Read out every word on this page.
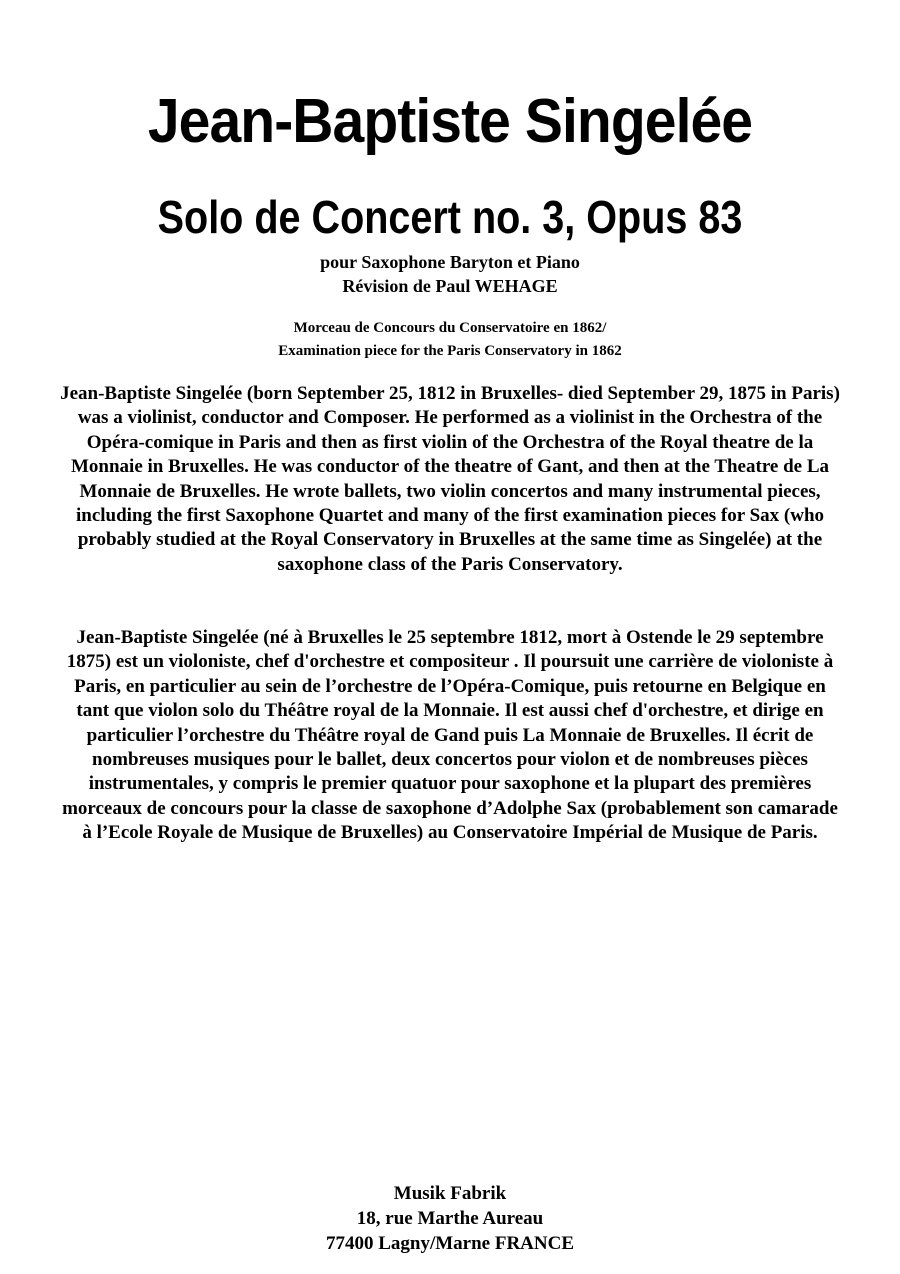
Jean-Baptiste Singelée
Solo de Concert no. 3, Opus 83
pour Saxophone Baryton et Piano
Révision de Paul WEHAGE
Morceau de Concours du Conservatoire en 1862/
Examination piece for the Paris Conservatory in 1862

Jean-Baptiste Singelée (born September 25, 1812 in Bruxelles- died September 29, 1875 in Paris) was a violinist, conductor and Composer. He performed as a violinist in the Orchestra of the Opéra-comique in Paris and then as first violin of the Orchestra of the Royal theatre de la Monnaie in Bruxelles. He was conductor of the theatre of Gant, and then at the Theatre de La Monnaie de Bruxelles. He wrote ballets, two violin concertos and many instrumental pieces, including the first Saxophone Quartet and many of the first examination pieces for Sax (who probably studied at the Royal Conservatory in Bruxelles at the same time as Singelée) at the saxophone class of the Paris Conservatory.

Jean-Baptiste Singelée (né à Bruxelles le 25 septembre 1812, mort à Ostende le 29 septembre 1875) est un violoniste, chef d'orchestre et compositeur . Il poursuit une carrière de violoniste à Paris, en particulier au sein de l’orchestre de l’Opéra-Comique, puis retourne en Belgique en tant que violon solo du Théâtre royal de la Monnaie. Il est aussi chef d'orchestre, et dirige en particulier l’orchestre du Théâtre royal de Gand puis La Monnaie de Bruxelles. Il écrit de nombreuses musiques pour le ballet, deux concertos pour violon et de nombreuses pièces instrumentales, y compris le premier quatuor pour saxophone et la plupart des premières morceaux de concours pour la classe de saxophone d’Adolphe Sax (probablement son camarade à l’Ecole Royale de Musique de Bruxelles) au Conservatoire Impérial de Musique de Paris.

Musik Fabrik
18, rue Marthe Aureau
77400 Lagny/Marne FRANCE
